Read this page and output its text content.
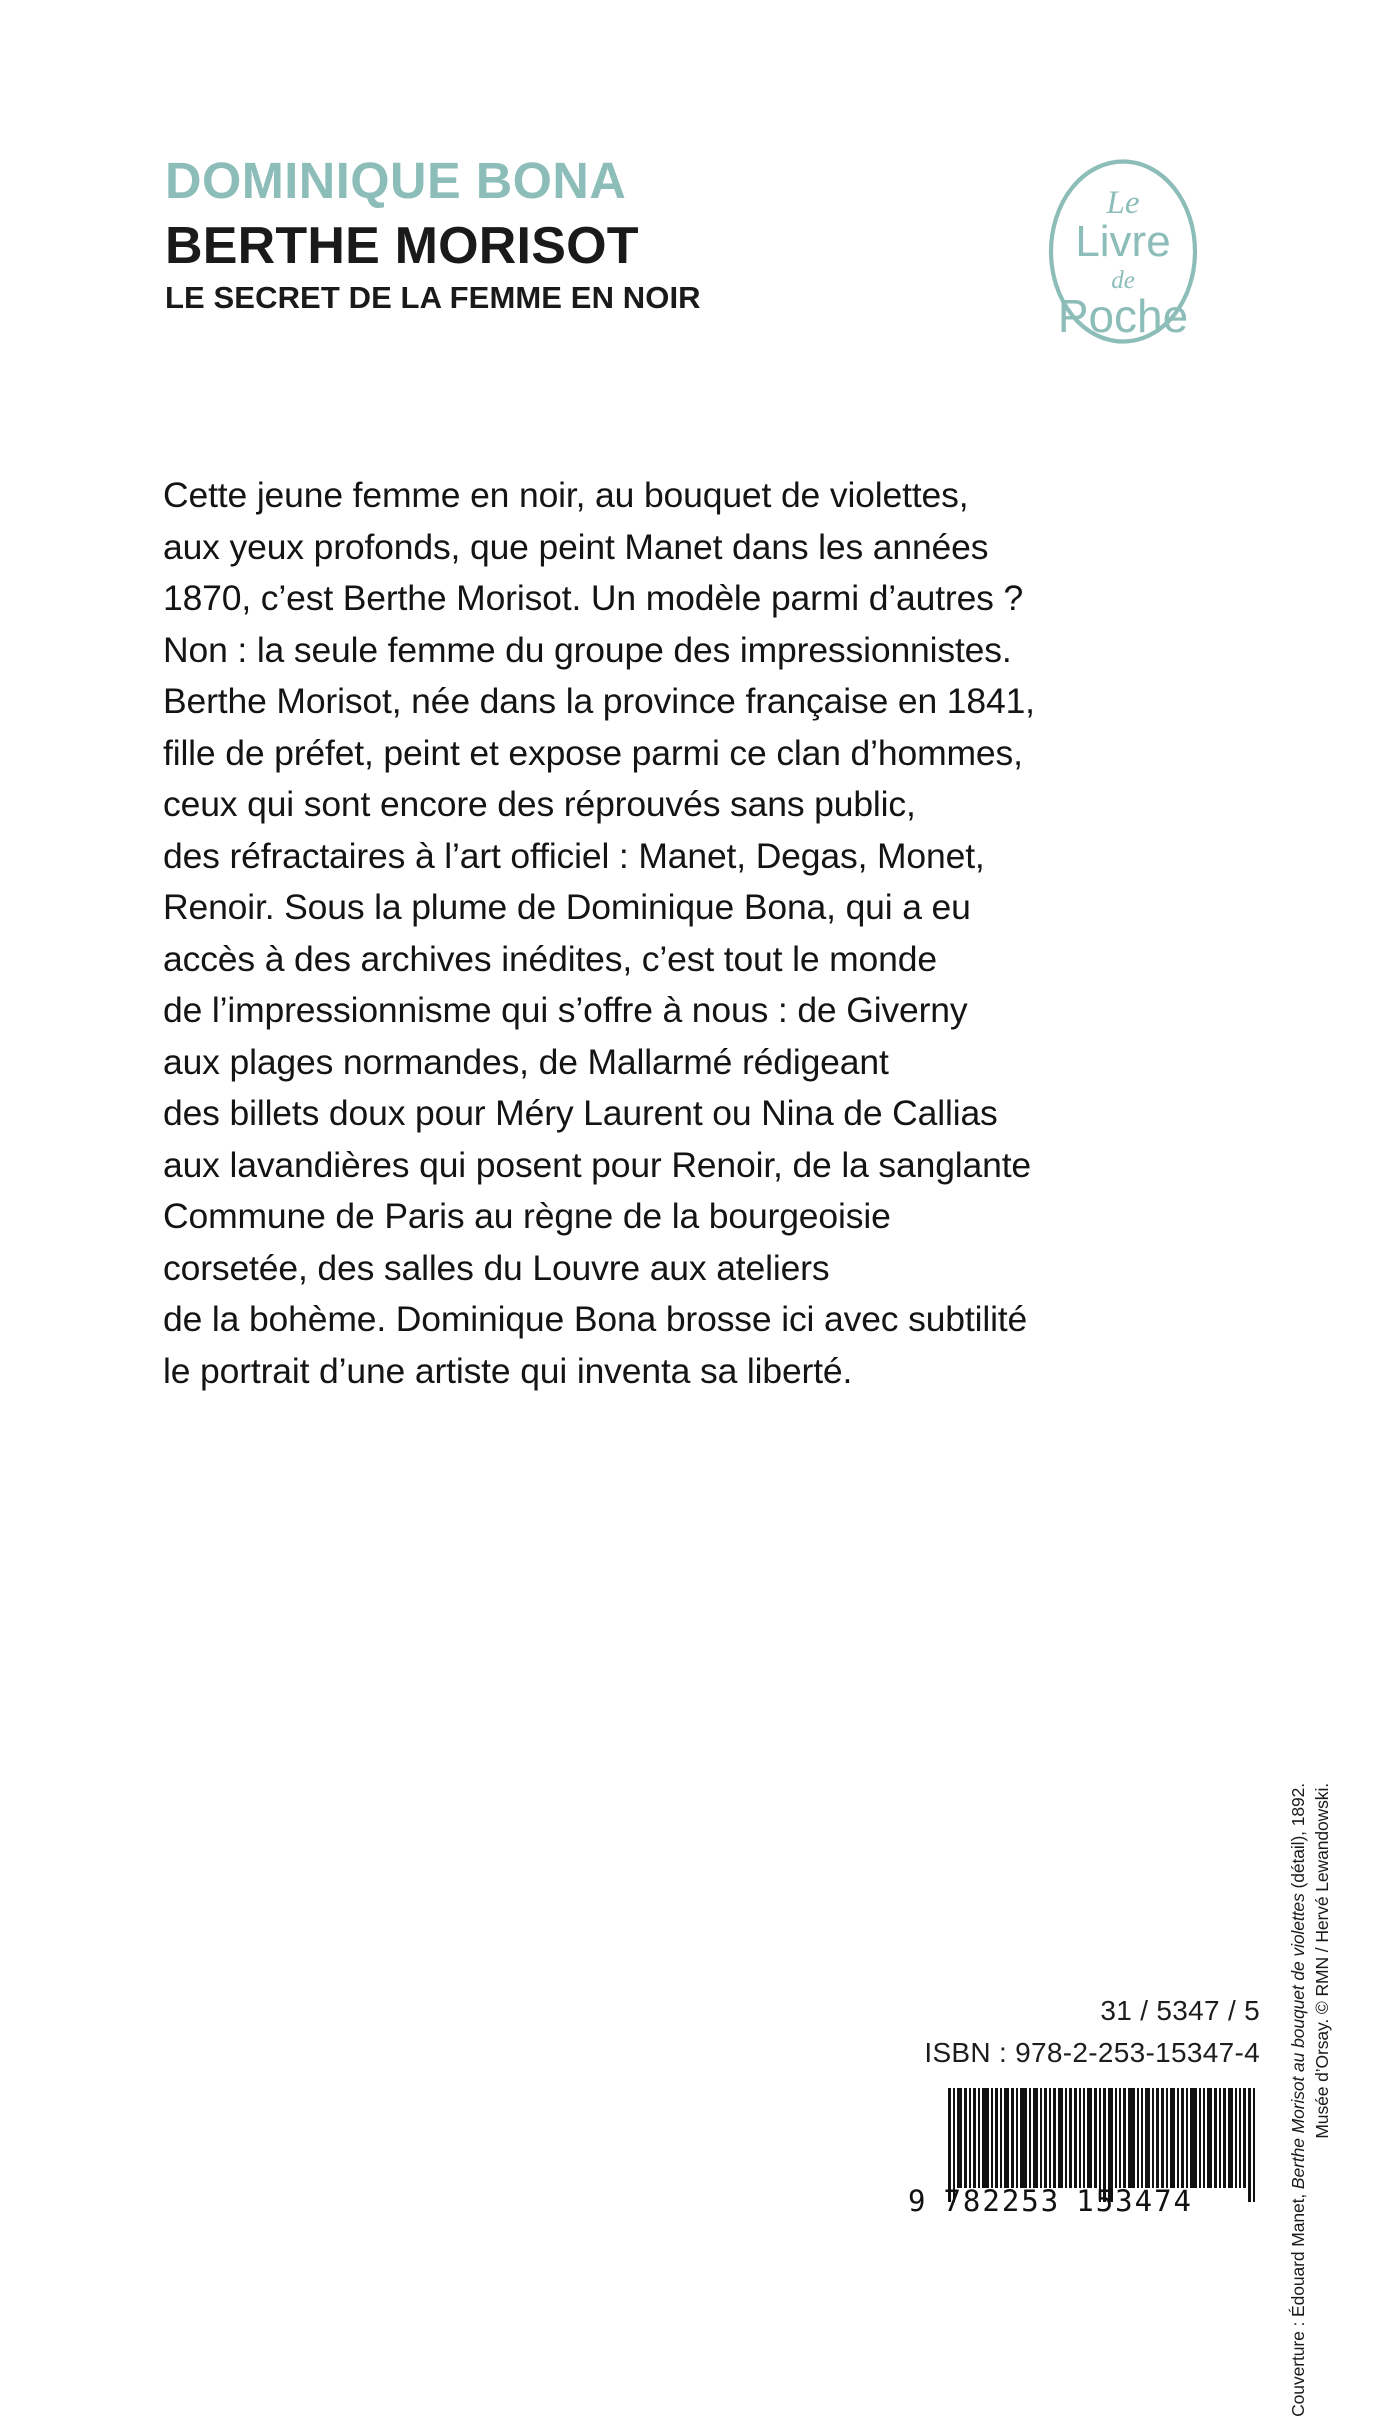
DOMINIQUE BONA
BERTHE MORISOT
LE SECRET DE LA FEMME EN NOIR
Le
Livre
de
Poche
Cette jeune femme en noir, au bouquet de violettes,
aux yeux profonds, que peint Manet dans les années
1870, c’est Berthe Morisot. Un modèle parmi d’autres ?
Non : la seule femme du groupe des impressionnistes.
Berthe Morisot, née dans la province française en 1841,
fille de préfet, peint et expose parmi ce clan d’hommes,
ceux qui sont encore des réprouvés sans public,
des réfractaires à l’art officiel : Manet, Degas, Monet,
Renoir. Sous la plume de Dominique Bona, qui a eu
accès à des archives inédites, c’est tout le monde
de l’impressionnisme qui s’offre à nous : de Giverny
aux plages normandes, de Mallarmé rédigeant
des billets doux pour Méry Laurent ou Nina de Callias
aux lavandières qui posent pour Renoir, de la sanglante
Commune de Paris au règne de la bourgeoisie
corsetée, des salles du Louvre aux ateliers
de la bohème. Dominique Bona brosse ici avec subtilité
le portrait d’une artiste qui inventa sa liberté.
Couverture : Édouard Manet, Berthe Morisot au bouquet de violettes (détail), 1892. Musée d’Orsay. © RMN / Hervé Lewandowski.
31 / 5347 / 5
ISBN : 978-2-253-15347-4
9 782253 153474
